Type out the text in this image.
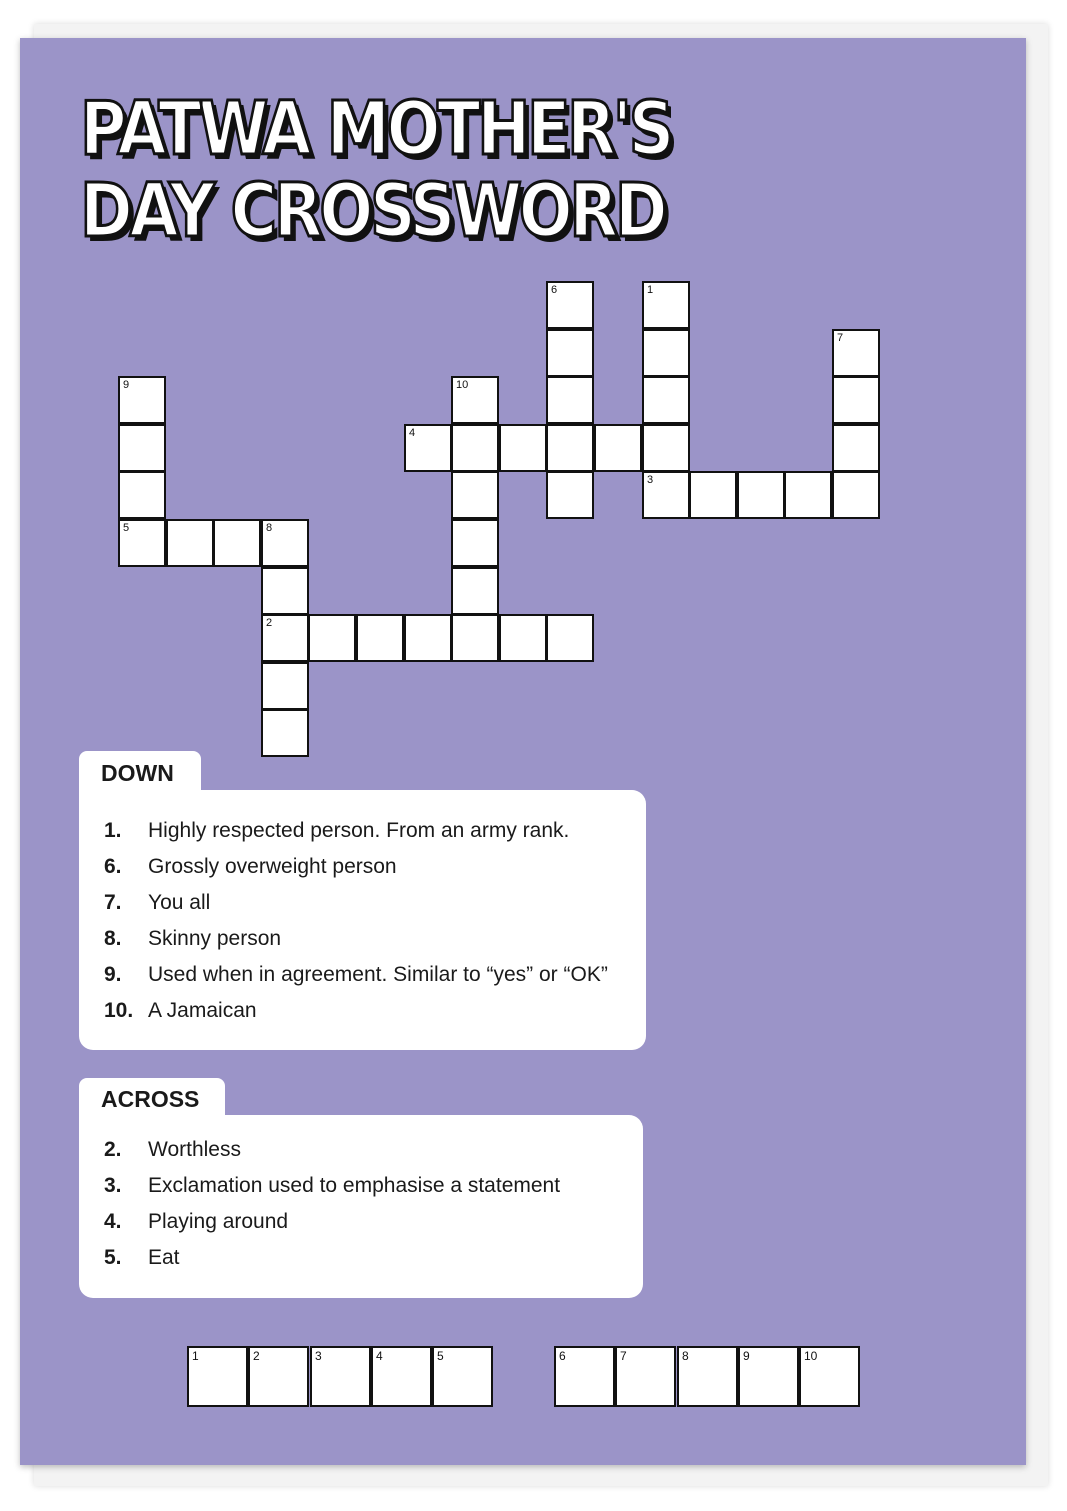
PATWA MOTHER'S
DAY CROSSWORD
6	1
7
9	10
4
3
5	8
2
DOWN
1. Highly respected person. From an army rank.
6. Grossly overweight person
7. You all
8. Skinny person
9. Used when in agreement. Similar to “yes” or “OK”
10. A Jamaican
ACROSS
2. Worthless
3. Exclamation used to emphasise a statement
4. Playing around
5. Eat
1	2	3	4	5	6	7	8	9	10
